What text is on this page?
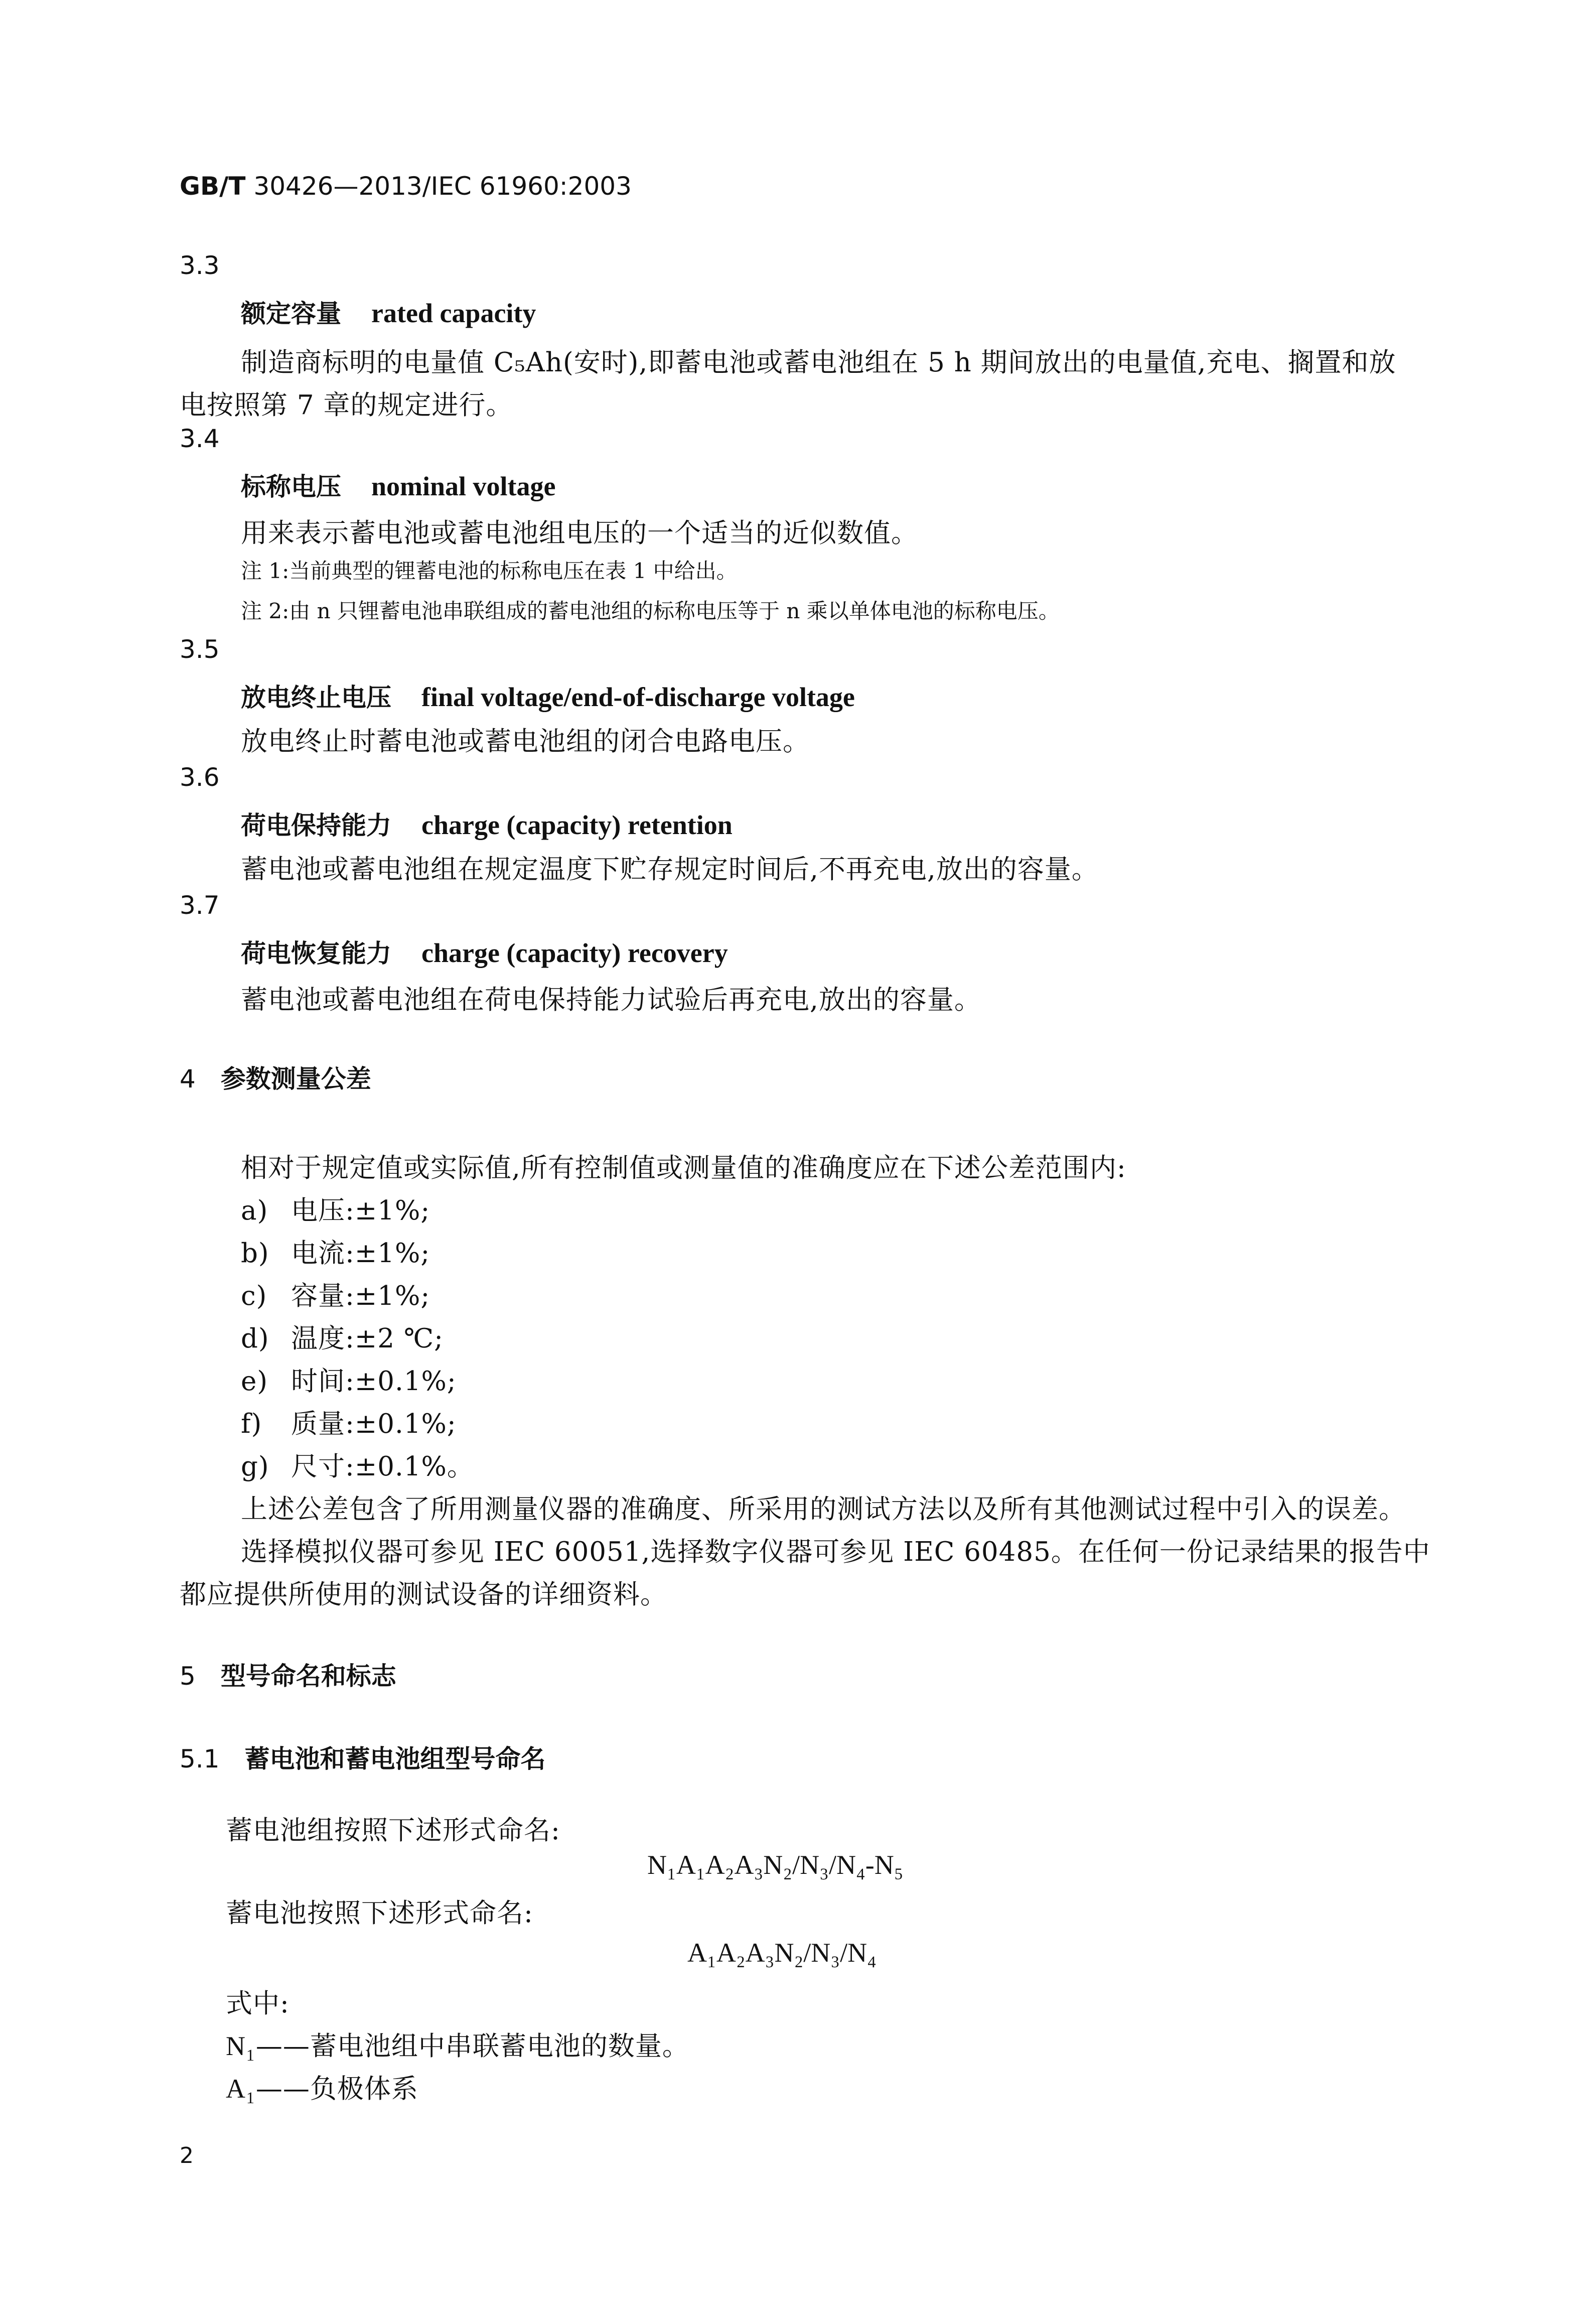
GB/T 30426—2013/IEC 61960:2003
3.3
额定容量 rated capacity
制造商标明的电量值 C₅Ah(安时),即蓄电池或蓄电池组在 5 h 期间放出的电量值,充电、搁置和放
电按照第 7 章的规定进行。
3.4
标称电压 nominal voltage
用来表示蓄电池或蓄电池组电压的一个适当的近似数值。
注 1:当前典型的锂蓄电池的标称电压在表 1 中给出。
注 2:由 n 只锂蓄电池串联组成的蓄电池组的标称电压等于 n 乘以单体电池的标称电压。
3.5
放电终止电压 final voltage/end-of-discharge voltage
放电终止时蓄电池或蓄电池组的闭合电路电压。
3.6
荷电保持能力 charge (capacity) retention
蓄电池或蓄电池组在规定温度下贮存规定时间后,不再充电,放出的容量。
3.7
荷电恢复能力 charge (capacity) recovery
蓄电池或蓄电池组在荷电保持能力试验后再充电,放出的容量。
4 参数测量公差
相对于规定值或实际值,所有控制值或测量值的准确度应在下述公差范围内:
a) 电压:±1%;
b) 电流:±1%;
c) 容量:±1%;
d) 温度:±2 ℃;
e) 时间:±0.1%;
f) 质量:±0.1%;
g) 尺寸:±0.1%。
上述公差包含了所用测量仪器的准确度、所采用的测试方法以及所有其他测试过程中引入的误差。
选择模拟仪器可参见 IEC 60051,选择数字仪器可参见 IEC 60485。在任何一份记录结果的报告中
都应提供所使用的测试设备的详细资料。
5 型号命名和标志
5.1 蓄电池和蓄电池组型号命名
蓄电池组按照下述形式命名:
N₁A₁A₂A₃N₂/N₃/N₄-N₅
蓄电池按照下述形式命名:
A₁A₂A₃N₂/N₃/N₄
式中:
N₁——蓄电池组中串联蓄电池的数量。
A₁——负极体系
2
